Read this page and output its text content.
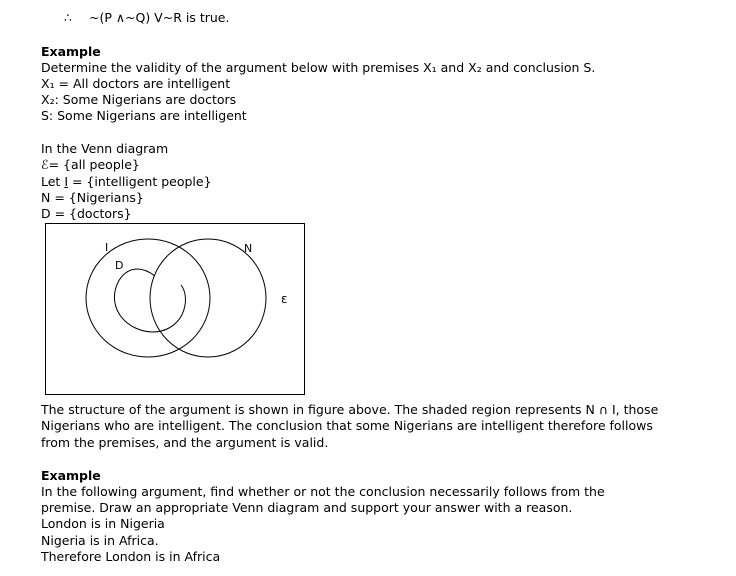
∴ ~(P ∧~Q) V~R is true.
Example
Determine the validity of the argument below with premises X₁ and X₂ and conclusion S.
X₁ = All doctors are intelligent
X₂: Some Nigerians are doctors
S: Some Nigerians are intelligent
In the Venn diagram
ℰ= {all people}
Let I = {intelligent people}
N = {Nigerians}
D = {doctors}
I
D
N
ε
The structure of the argument is shown in figure above. The shaded region represents N ∩ I, those
Nigerians who are intelligent. The conclusion that some Nigerians are intelligent therefore follows
from the premises, and the argument is valid.
Example
In the following argument, find whether or not the conclusion necessarily follows from the
premise. Draw an appropriate Venn diagram and support your answer with a reason.
London is in Nigeria
Nigeria is in Africa.
Therefore London is in Africa
